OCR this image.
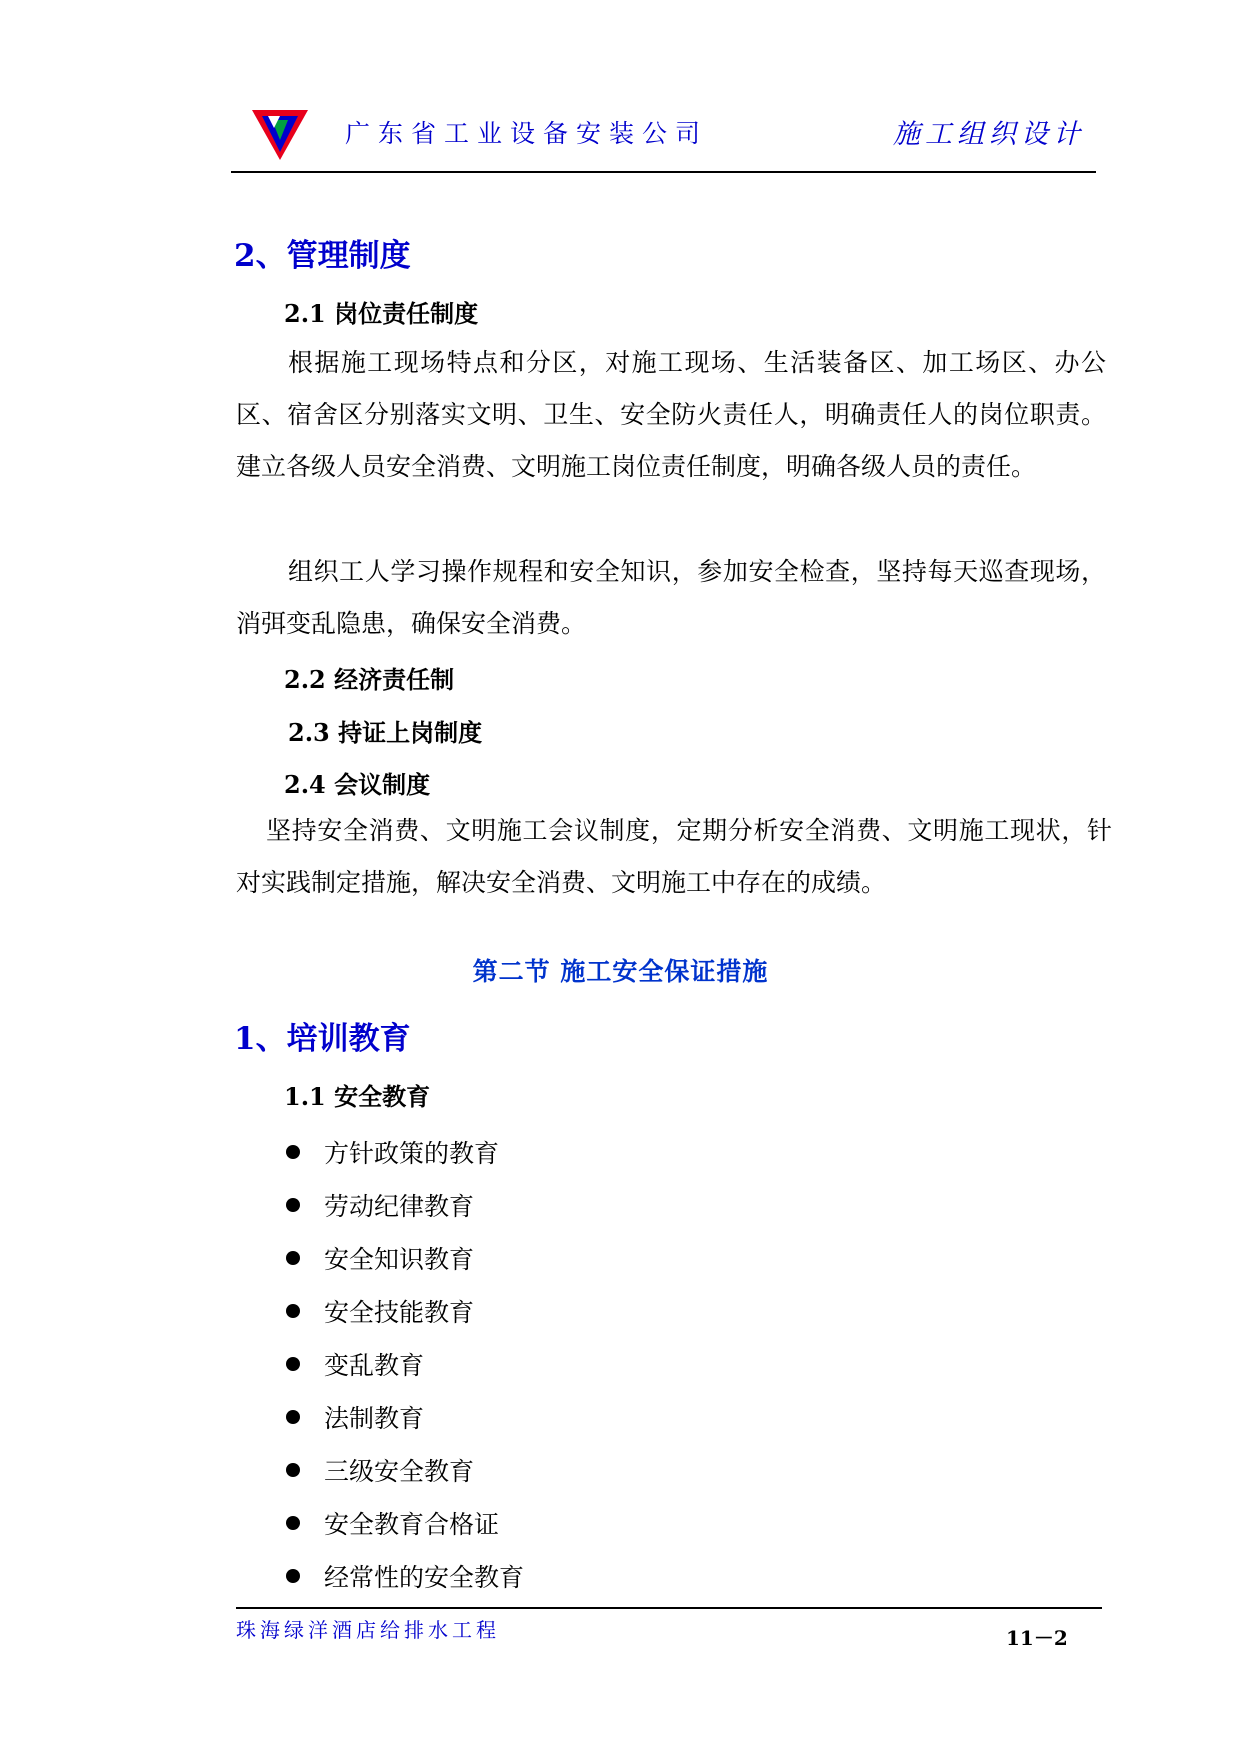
广东省工业设备安装公司	施工组织设计
2、管理制度
2.1 岗位责任制度
根据施工现场特点和分区，对施工现场、生活装备区、加工场区、办公区、宿舍区分别落实文明、卫生、安全防火责任人，明确责任人的岗位职责。建立各级人员安全消费、文明施工岗位责任制度，明确各级人员的责任。
组织工人学习操作规程和安全知识，参加安全检查，坚持每天巡查现场，消弭变乱隐患，确保安全消费。
2.2 经济责任制
2.3 持证上岗制度
2.4 会议制度
坚持安全消费、文明施工会议制度，定期分析安全消费、文明施工现状，针对实践制定措施，解决安全消费、文明施工中存在的成绩。
第二节 施工安全保证措施
1、培训教育
1.1 安全教育
方针政策的教育
劳动纪律教育
安全知识教育
安全技能教育
变乱教育
法制教育
三级安全教育
安全教育合格证
经常性的安全教育
珠海绿洋酒店给排水工程	11－2
